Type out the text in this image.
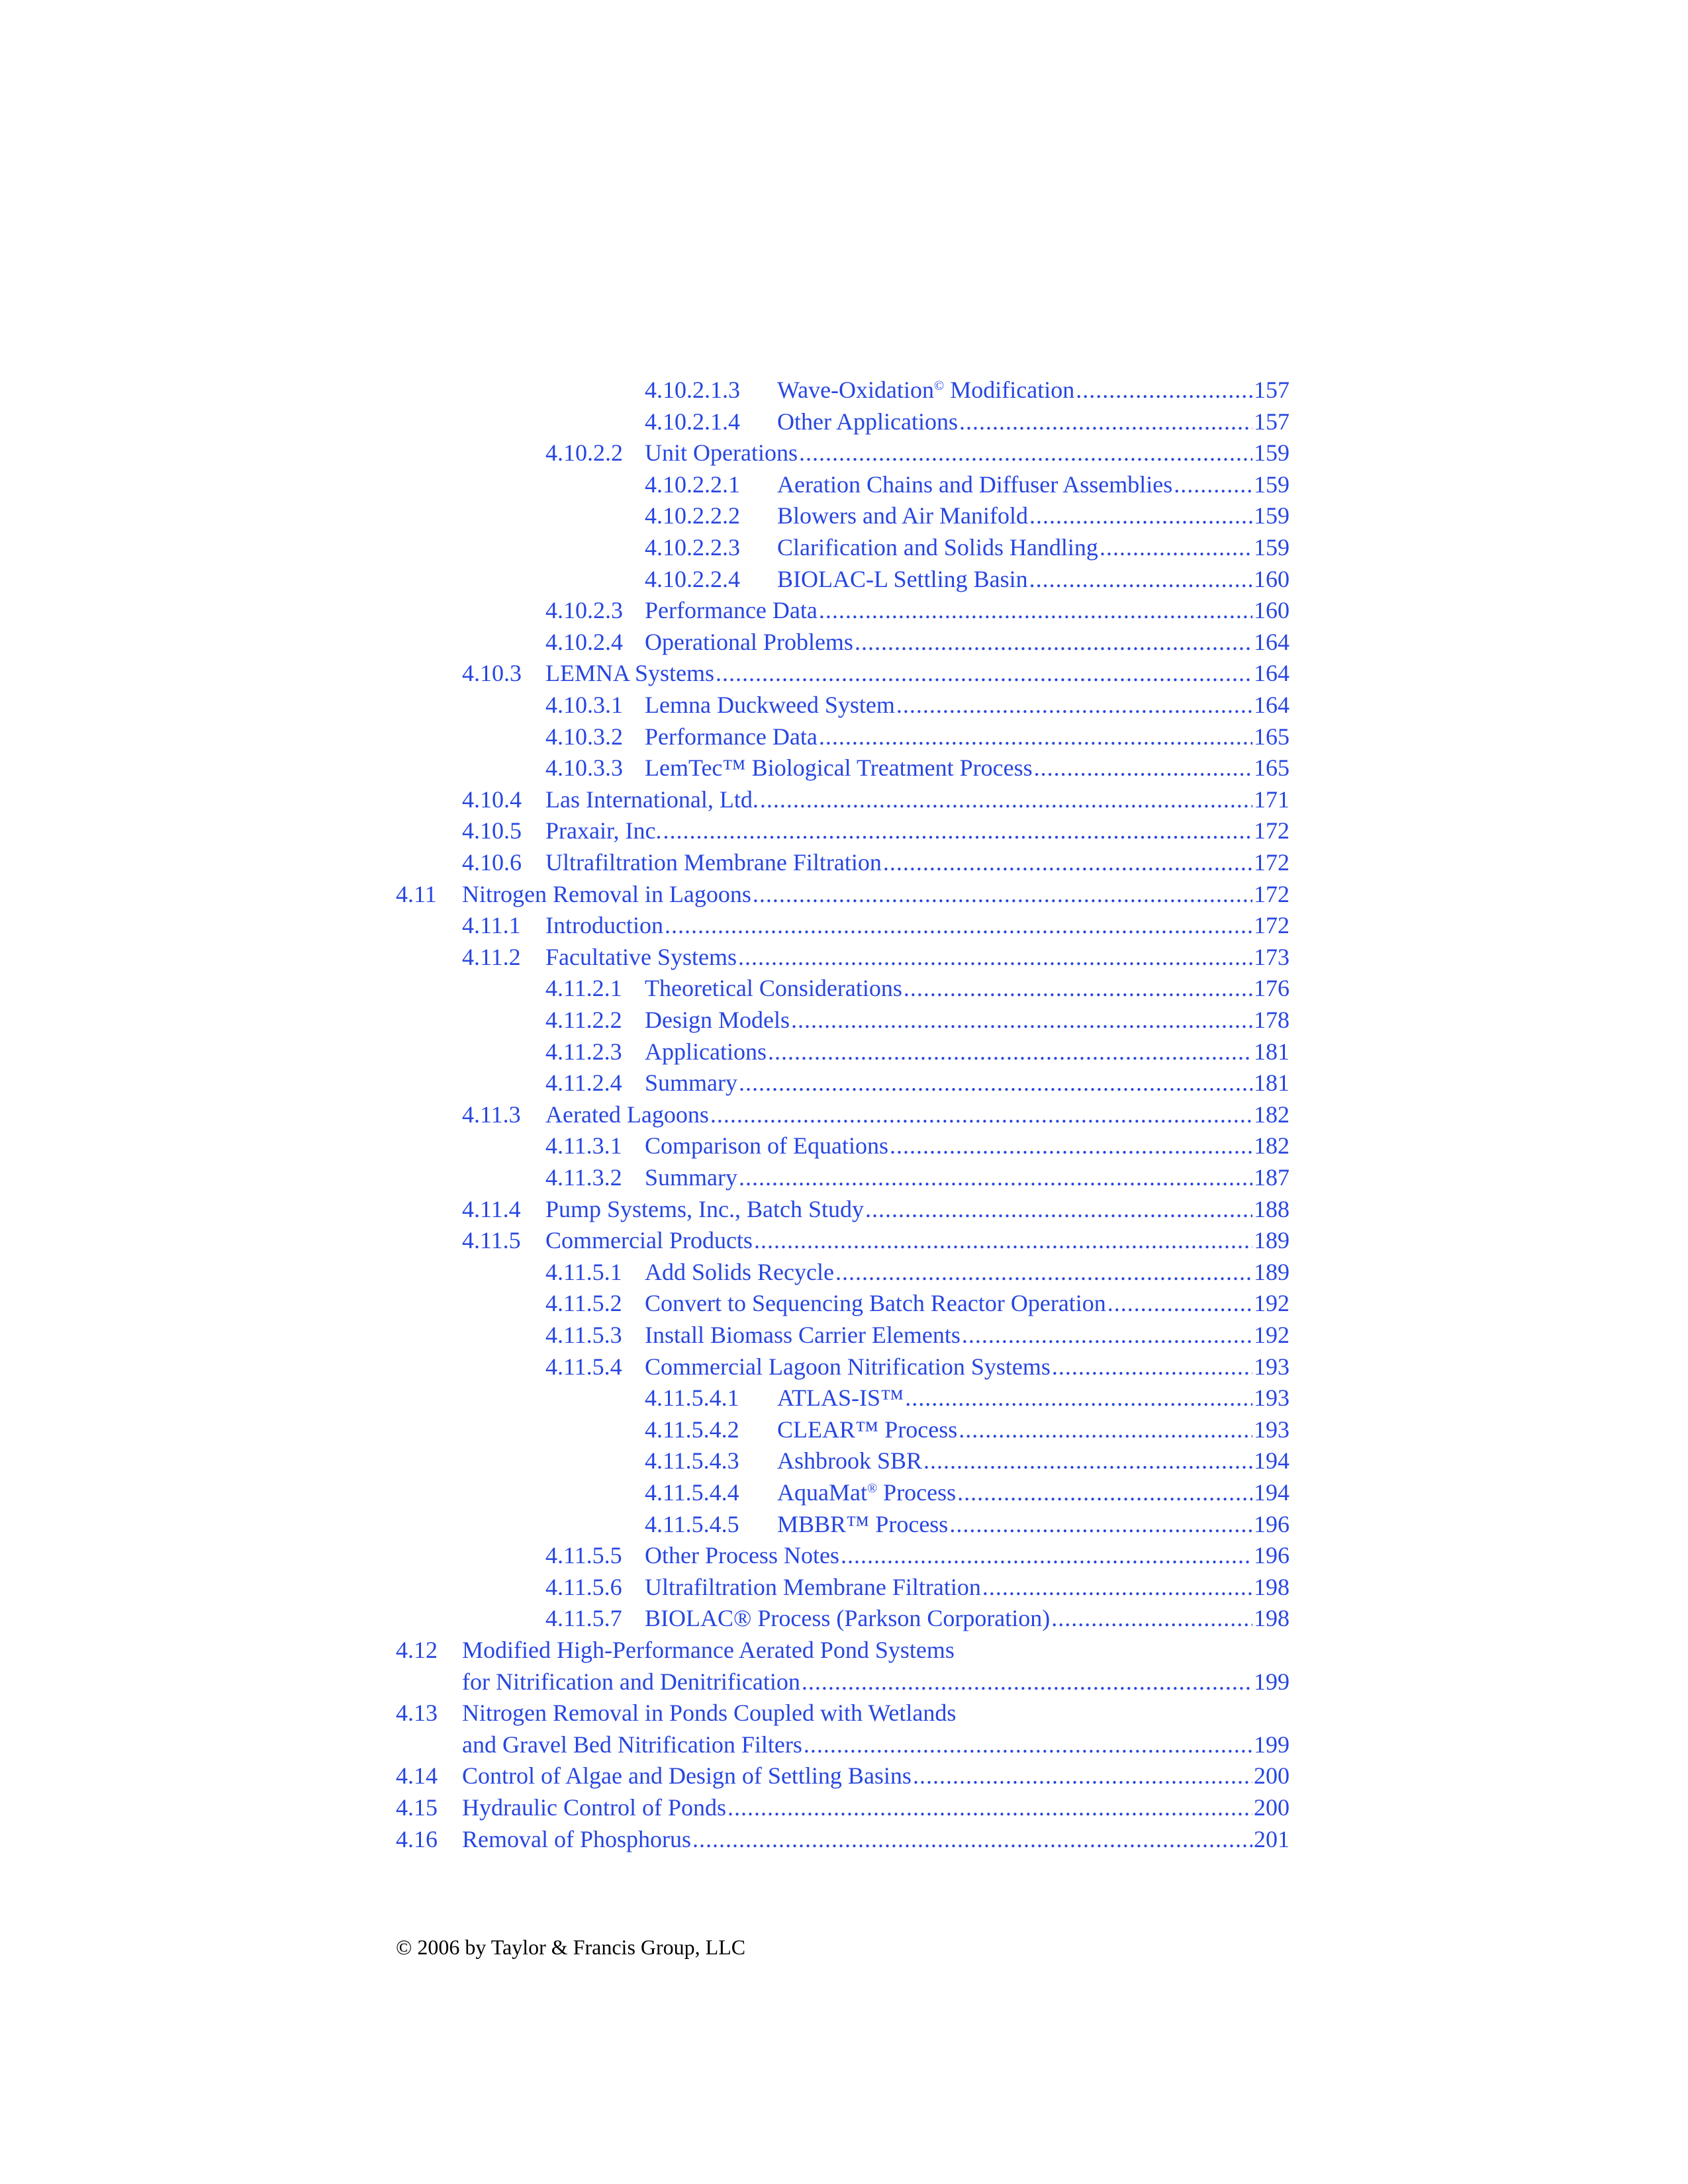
4.10.2.1.3 Wave-Oxidation© Modification .....	157
4.10.2.1.4 Other Applications .....	157
4.10.2.2 Unit Operations .....	159
4.10.2.2.1 Aeration Chains and Diffuser Assemblies .....	159
4.10.2.2.2 Blowers and Air Manifold .....	159
4.10.2.2.3 Clarification and Solids Handling .....	159
4.10.2.2.4 BIOLAC-L Settling Basin .....	160
4.10.2.3 Performance Data .....	160
4.10.2.4 Operational Problems .....	164
4.10.3 LEMNA Systems .....	164
4.10.3.1 Lemna Duckweed System .....	164
4.10.3.2 Performance Data .....	165
4.10.3.3 LemTec™ Biological Treatment Process .....	165
4.10.4 Las International, Ltd. .....	171
4.10.5 Praxair, Inc. .....	172
4.10.6 Ultrafiltration Membrane Filtration .....	172
4.11 Nitrogen Removal in Lagoons .....	172
4.11.1 Introduction .....	172
4.11.2 Facultative Systems .....	173
4.11.2.1 Theoretical Considerations .....	176
4.11.2.2 Design Models .....	178
4.11.2.3 Applications .....	181
4.11.2.4 Summary .....	181
4.11.3 Aerated Lagoons .....	182
4.11.3.1 Comparison of Equations .....	182
4.11.3.2 Summary .....	187
4.11.4 Pump Systems, Inc., Batch Study .....	188
4.11.5 Commercial Products .....	189
4.11.5.1 Add Solids Recycle .....	189
4.11.5.2 Convert to Sequencing Batch Reactor Operation .....	192
4.11.5.3 Install Biomass Carrier Elements .....	192
4.11.5.4 Commercial Lagoon Nitrification Systems .....	193
4.11.5.4.1 ATLAS-IS™ .....	193
4.11.5.4.2 CLEAR™ Process .....	193
4.11.5.4.3 Ashbrook SBR .....	194
4.11.5.4.4 AquaMat® Process .....	194
4.11.5.4.5 MBBR™ Process .....	196
4.11.5.5 Other Process Notes .....	196
4.11.5.6 Ultrafiltration Membrane Filtration .....	198
4.11.5.7 BIOLAC® Process (Parkson Corporation) .....	198
4.12 Modified High-Performance Aerated Pond Systems
for Nitrification and Denitrification .....	199
4.13 Nitrogen Removal in Ponds Coupled with Wetlands
and Gravel Bed Nitrification Filters .....	199
4.14 Control of Algae and Design of Settling Basins .....	200
4.15 Hydraulic Control of Ponds .....	200
4.16 Removal of Phosphorus .....	201
© 2006 by Taylor & Francis Group, LLC
